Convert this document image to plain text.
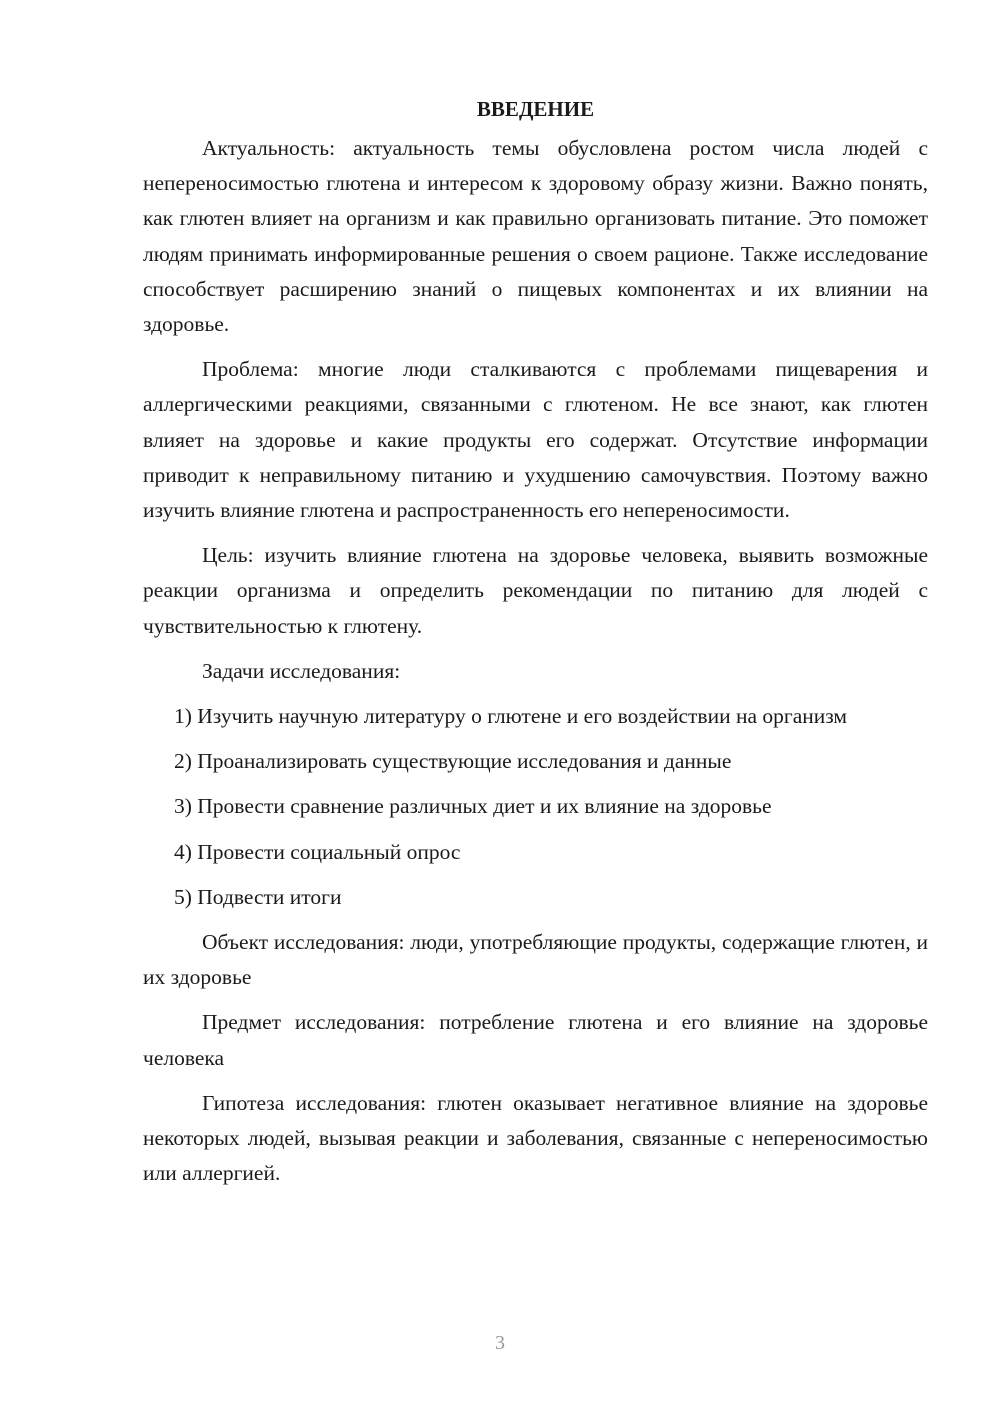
ВВЕДЕНИЕ

Актуальность: актуальность темы обусловлена ростом числа людей с непереносимостью глютена и интересом к здоровому образу жизни. Важно понять, как глютен влияет на организм и как правильно организовать питание. Это поможет людям принимать информированные решения о своем рационе. Также исследование способствует расширению знаний о пищевых компонентах и их влиянии на здоровье.

Проблема: многие люди сталкиваются с проблемами пищеварения и аллергическими реакциями, связанными с глютеном. Не все знают, как глютен влияет на здоровье и какие продукты его содержат. Отсутствие информации приводит к неправильному питанию и ухудшению самочувствия. Поэтому важно изучить влияние глютена и распространенность его непереносимости.

Цель: изучить влияние глютена на здоровье человека, выявить возможные реакции организма и определить рекомендации по питанию для людей с чувствительностью к глютену.

Задачи исследования:

1) Изучить научную литературу о глютене и его воздействии на организм

2) Проанализировать существующие исследования и данные

3) Провести сравнение различных диет и их влияние на здоровье

4) Провести социальный опрос

5) Подвести итоги

Объект исследования: люди, употребляющие продукты, содержащие глютен, и их здоровье

Предмет исследования: потребление глютена и его влияние на здоровье человека

Гипотеза исследования: глютен оказывает негативное влияние на здоровье некоторых людей, вызывая реакции и заболевания, связанные с непереносимостью или аллергией.

3
